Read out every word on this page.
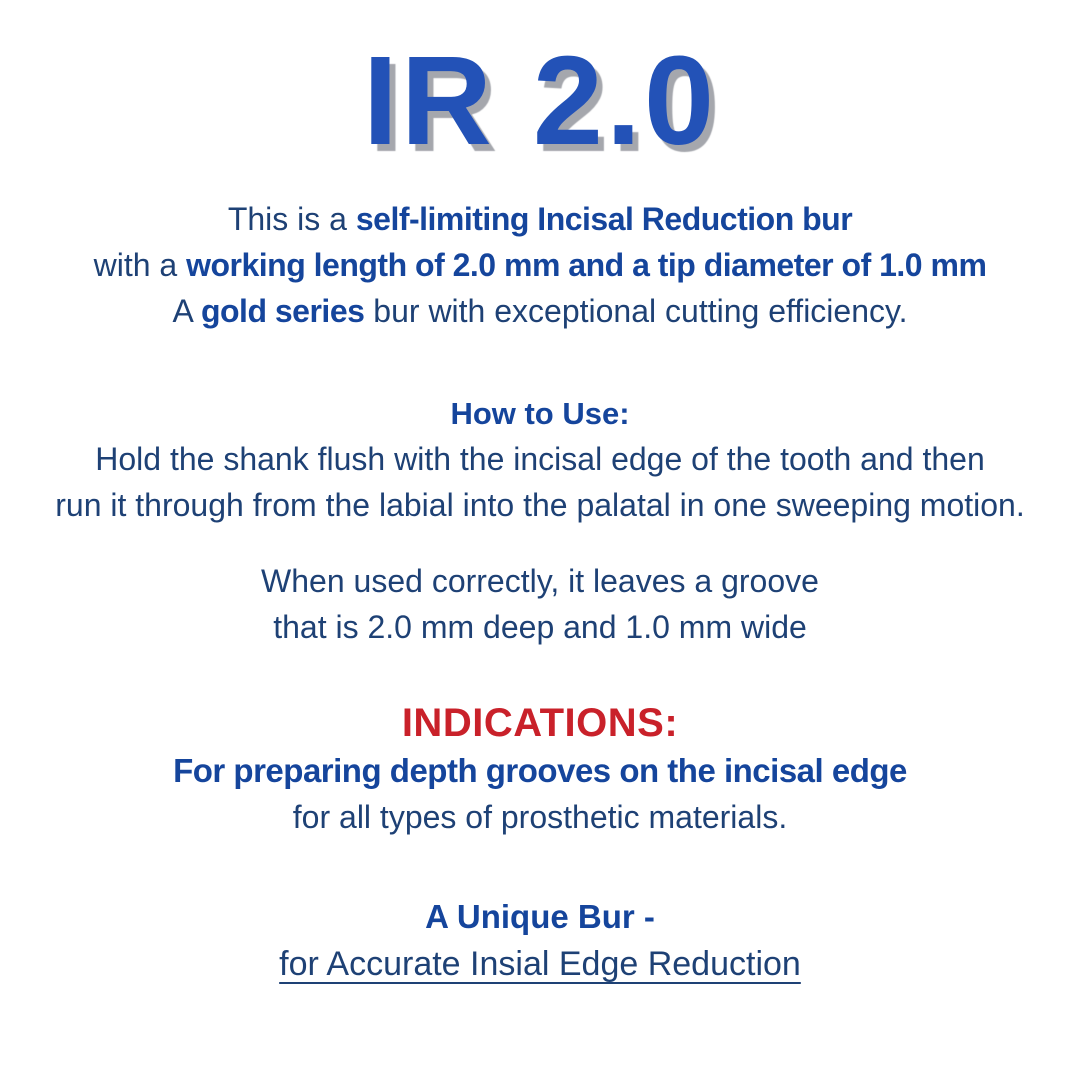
IR 2.0
This is a self-limiting Incisal Reduction bur
with a working length of 2.0 mm and a tip diameter of 1.0 mm
A gold series bur with exceptional cutting efficiency.
How to Use:
Hold the shank flush with the incisal edge of the tooth and then
run it through from the labial into the palatal in one sweeping motion.
When used correctly, it leaves a groove
that is 2.0 mm deep and 1.0 mm wide
INDICATIONS:
For preparing depth grooves on the incisal edge
for all types of prosthetic materials.
A Unique Bur -
for Accurate Insial Edge Reduction
